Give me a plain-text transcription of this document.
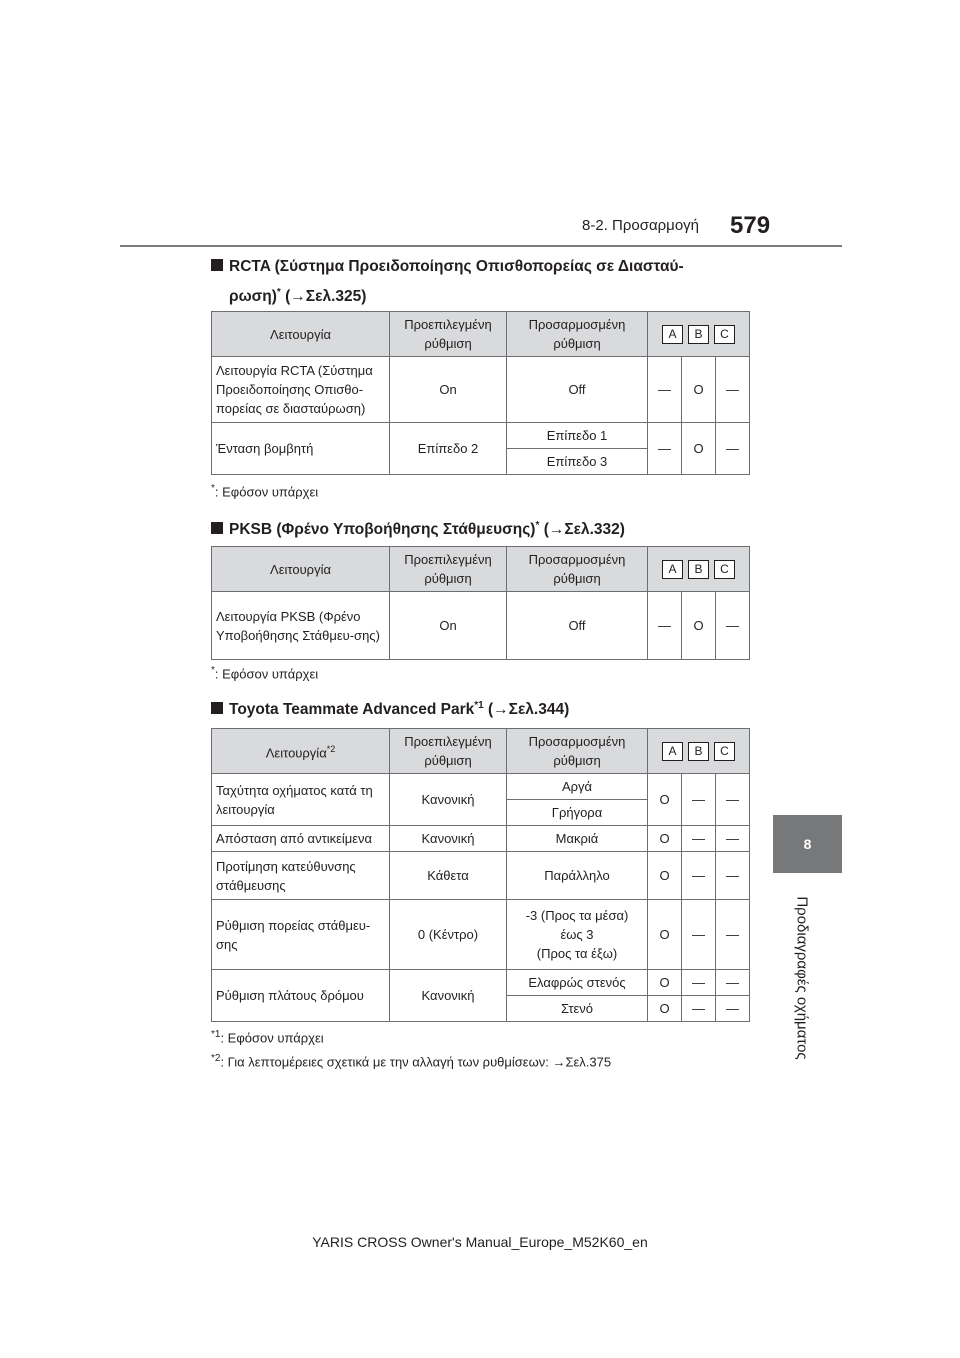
8-2. Προσαρμογή 579
8
Προδιαγραφές οχήματος
RCTA (Σύστημα Προειδοποίησης Οπισθοπορείας σε Διασταύ-
ρωση)* (→Σελ.325)
Λειτουργία	Προεπιλεγμένη ρύθμιση	Προσαρμοσμένη ρύθμιση	A B C		

Λειτουργία RCTA (Σύστημα Προειδοποίησης Οπισθο-πορείας σε διασταύρωση)	On	Off	—	O	—
Ένταση βομβητή	Επίπεδο 2	Επίπεδο 1	—	O	—
		Επίπεδο 3			
*: Εφόσον υπάρχει
PKSB (Φρένο Υποβοήθησης Στάθμευσης)* (→Σελ.332)
Λειτουργία	Προεπιλεγμένη ρύθμιση	Προσαρμοσμένη ρύθμιση	A B C		

Λειτουργία PKSB (Φρένο Υποβοήθησης Στάθμευ-σης)	On	Off	—	O	—
*: Εφόσον υπάρχει
Toyota Teammate Advanced Park$^{*1}$ (→Σελ.344)
Λειτουργία$^{*2}$	Προεπιλεγμένη ρύθμιση	Προσαρμοσμένη ρύθμιση	A B C		

Ταχύτητα οχήματος κατά τη λειτουργία	Κανονική	Αργά	O	—	—
		Γρήγορα			
Απόσταση από αντικείμενα	Κανονική	Μακριά	O	—	—
Προτίμηση κατεύθυνσης στάθμευσης	Κάθετα	Παράλληλο	O	—	—
Ρύθμιση πορείας στάθμευ-σης	0 (Κέντρο)	-3 (Προς τα μέσα)
έως 3
(Προς τα έξω)	O	—	—
Ρύθμιση πλάτους δρόμου	Κανονική	Ελαφρώς στενός	O	—	—
		Στενό	O	—	—
$^{*1}$: Εφόσον υπάρχει
$^{*2}$: Για λεπτομέρειες σχετικά με την αλλαγή των ρυθμίσεων: →Σελ.375
YARIS CROSS Owner's Manual_Europe_M52K60_en
